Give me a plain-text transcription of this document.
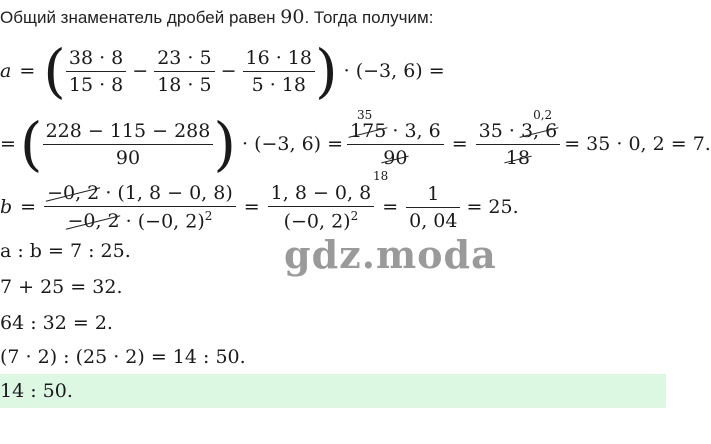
Общий знаменатель дробей равен 90. Тогда получим:
a = ( $\frac{38 \cdot 8}{15 \cdot 8} - \frac{23 \cdot 5}{18 \cdot 5} - \frac{16 \cdot 18}{5 \cdot 18}$ ) · (−3, 6) =
= ( $\frac{228 - 115 - 288}{90}$ ) · (−3, 6) = 35
175 · 3, 6
90
18 = 35 · 3, 6
0,2
18 = 35 · 0, 2 = 7.
$b = \frac{-0, 2 \cdot (1, 8 - 0, 8)}{-0, 2 \cdot (-0, 2)^2} = \frac{1, 8 - 0, 8}{(-0, 2)^2} = \frac{1}{0, 04} = 25$.
a : b = 7 : 25.
7 + 25 = 32.
64 : 32 = 2.
(7 · 2) : (25 · 2) = 14 : 50.
14 : 50.
gdz.moda
